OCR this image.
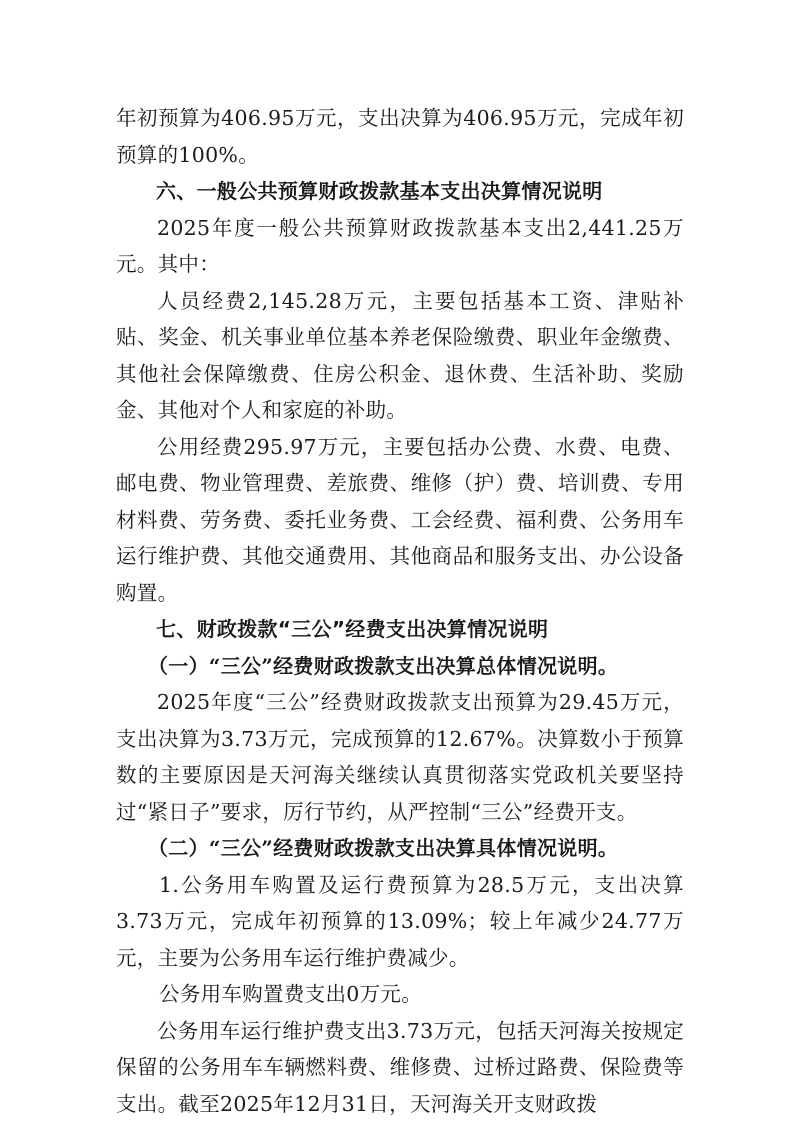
年初预算为406.95万元，支出决算为406.95万元，完成年初预算的100%。

六、一般公共预算财政拨款基本支出决算情况说明

2025年度一般公共预算财政拨款基本支出2,441.25万元。其中：

人员经费2,145.28万元，主要包括基本工资、津贴补贴、奖金、机关事业单位基本养老保险缴费、职业年金缴费、其他社会保障缴费、住房公积金、退休费、生活补助、奖励金、其他对个人和家庭的补助。

公用经费295.97万元，主要包括办公费、水费、电费、邮电费、物业管理费、差旅费、维修（护）费、培训费、专用材料费、劳务费、委托业务费、工会经费、福利费、公务用车运行维护费、其他交通费用、其他商品和服务支出、办公设备购置。

七、财政拨款“三公”经费支出决算情况说明

（一）“三公”经费财政拨款支出决算总体情况说明。

2025年度“三公”经费财政拨款支出预算为29.45万元，支出决算为3.73万元，完成预算的12.67%。决算数小于预算数的主要原因是天河海关继续认真贯彻落实党政机关要坚持过“紧日子”要求，厉行节约，从严控制“三公”经费开支。

（二）“三公”经费财政拨款支出决算具体情况说明。

1.公务用车购置及运行费预算为28.5万元，支出决算3.73万元，完成年初预算的13.09%；较上年减少24.77万元，主要为公务用车运行维护费减少。

公务用车购置费支出0万元。

公务用车运行维护费支出3.73万元，包括天河海关按规定保留的公务用车车辆燃料费、维修费、过桥过路费、保险费等支出。截至2025年12月31日，天河海关开支财政拨
